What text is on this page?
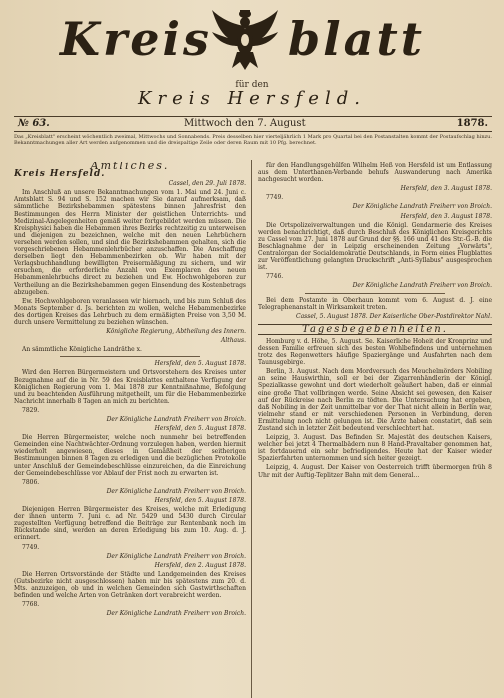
Kreis blatt
für den
Kreis Hersfeld.
№ 63.	Mittwoch den 7. August	1878.
Das „Kreisblatt" erscheint wöchentlich zweimal, Mittwochs und Sonnabends. Preis desselben hier vierteljährlich 1 Mark pro Quartal bei den Postanstalten kommt der Postaufschlag hinzu. Bekanntmachungen aller Art werden aufgenommen und die dreispaltige Zeile oder deren Raum mit 10 Pfg. berechnet.

Amtliches.

Kreis Hersfeld.

Cassel, den 29. Juli 1878.

Im Anschluß an unsere Bekanntmachungen vom 1. Mai und 24. Juni c. Amtsblatt S. 94 und S. 152 machen wir Sie darauf aufmerksam, daß sämmtliche Bezirkshebammen spätestens binnen Jahresfrist den Bestimmungen des Herrn Minister der geistlichen Unterrichts- und Medizinal-Angelegenheiten gemäß weiter fortgebildet werden müssen. Die Kreisphysici haben die Hebammen ihres Bezirks rechtzeitig zu unterweisen und diejenigen zu bezeichnen, welche mit den neuen Lehrbüchern versehen werden sollen, und sind die Bezirkshebammen gehalten, sich die vorgeschriebenen Hebammenlehrbücher anzuschaffen. Die Anschaffung derselben liegt den Hebammenbezirken ob. Wir haben mit der Verlagsbuchhandlung bewilligten Preisermäßigung zu sichern, und wir ersuchen, die erforderliche Anzahl von Exemplaren des neuen Hebammenlehrbuchs direct zu beziehen und Ew. Hochwohlgeboren zur Vertheilung an die Bezirkshebammen gegen Einsendung des Kostenbetrags abzugeben.

Ew. Hochwohlgeboren veranlassen wir hiernach, und bis zum Schluß des Monats September d. Js. berichten zu wollen, welche Hebammenbezirke des dortigen Kreises das Lehrbuch zu dem ermäßigten Preise von 3,50 M. durch unsere Vermittelung zu beziehen wünschen.

Königliche Regierung, Abtheilung des Innern.

Althaus.

An sämmtliche Königliche Landräthe x.

Hersfeld, den 5. August 1878.

Wird den Herren Bürgermeistern und Ortsvorstehern des Kreises unter Bezugnahme auf die in Nr. 59 des Kreisblattes enthaltene Verfügung der Königlichen Regierung vom 1. Mai 1878 zur Kenntnißnahme, Befolgung und zu beachtenden Ausführung mitgetheilt, um für die Hebammenbezirke Nachricht innerhalb 8 Tagen an mich zu berichten.

7829.

Der Königliche Landrath Freiherr von Broich.

Hersfeld, den 5. August 1878.

Die Herren Bürgermeister, welche noch nunmehr bei betreffenden Gemeinden eine Nachtwächter-Ordnung vorzulegen haben, werden hiermit wiederholt angewiesen, dieses in Gemäßheit der seitherigen Bestimmungen binnen 8 Tagen zu erledigen und die bezüglichen Protokolle unter Anschluß der Gemeindebeschlüsse einzureichen, da die Einreichung der Gemeindebeschlüsse vor Ablauf der Frist noch zu erwarten ist.

7806.

Der Königliche Landrath Freiherr von Broich.

Hersfeld, den 5. August 1878.

Diejenigen Herren Bürgermeister des Kreises, welche mit Erledigung der ihnen unterm 7. Juni c. ad Nr. 5429 und 5430 durch Circular zugestellten Verfügung betreffend die Beiträge zur Rentenbank noch im Rückstande sind, werden an deren Erledigung bis zum 10. Aug. d. J. erinnert.

7749.

Der Königliche Landrath Freiherr von Broich.

Hersfeld, den 2. August 1878.

Die Herren Ortsvorstände der Städte und Landgemeinden des Kreises (Gutsbezirke nicht ausgeschlossen) haben mir bis spätestens zum 20. d. Mts. anzuzeigen, ob und in welchen Gemeinden sich Gastwirthschaften befinden und welche Arten von Getränken dort verabreicht werden.

7768.

Der Königliche Landrath Freiherr von Broich.

für den Handlungsgehülfen Wilhelm Heß von Hersfeld ist um Entlassung aus dem Unterthanen-Verbande behufs Auswanderung nach Amerika nachgesucht worden.

Hersfeld, den 3. August 1878.

7749.

Der Königliche Landrath Freiherr von Broich.

Hersfeld, den 3. August 1878.

Die Ortspolizeiverwaltungen und die Königl. Gendarmerie des Kreises werden benachrichtigt, daß durch Beschluß des Königlichen Kreisgerichts zu Cassel vom 27. Juni 1878 auf Grund der §§. 166 und 41 des Str.-G.-B. die Beschlagnahme der in Leipzig erscheinenden Zeitung „Vorwärts", Centralorgan der Socialdemokratie Deutschlands, in Form eines Flugblattes zur Veröffentlichung gelangten Druckschrift „Anti-Syllabus" ausgesprochen ist.

7746.

Der Königliche Landrath Freiherr von Broich.

Bei dem Postamte in Oberhaun kommt vom 6. August d. J. eine Telegraphenanstalt in Wirksamkeit treten.

Cassel, 5. August 1878. Der Kaiserliche Ober-Postdirektor Nahl.

Tagesbegebenheiten.

Homburg v. d. Höhe, 5. August. Se. Kaiserliche Hoheit der Kronprinz und dessen Familie erfreuen sich des besten Wohlbefindens und unternehmen trotz des Regenwetters häufige Spaziergänge und Ausfahrten nach dem Taunusgebirge.

Berlin, 3. August. Nach dem Mordversuch des Meuchelmörders Nobiling an seine Hauswirthin, soll er bei der Zigarrenhändlerin der Königl. Spezialkasse gewohnt und dort wiederholt geäußert haben, daß er einmal eine große That vollbringen werde. Seine Absicht sei gewesen, den Kaiser auf der Rückreise nach Berlin zu tödten. Die Untersuchung hat ergeben, daß Nobiling in der Zeit unmittelbar vor der That nicht allein in Berlin war, vielmehr stand er mit verschiedenen Personen in Verbindung, deren Ermittelung noch nicht gelungen ist. Die Ärzte haben constatirt, daß sein Zustand sich in letzter Zeit bedeutend verschlechtert hat.

Leipzig, 3. August. Das Befinden Sr. Majestät des deutschen Kaisers, welcher bei jetzt 4 Thermalbädern nun 8 Hand-Pravaltaber genommen hat, ist fortdauernd ein sehr befriedigendes. Heute hat der Kaiser wieder Spazierfahrten unternommen und sich heiter gezeigt.

Leipzig, 4. August. Der Kaiser von Oesterreich trifft übermorgen früh 8 Uhr mit der Auftig-Teplitzer Bahn mit dem General...
